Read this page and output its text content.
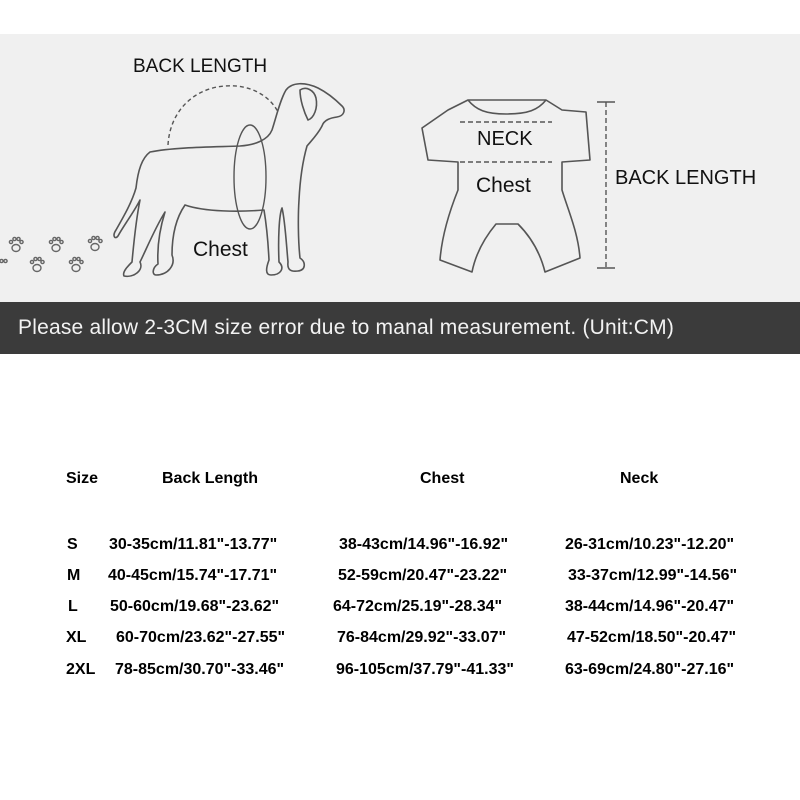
BACK LENGTH
Chest
NECK
Chest	BACK LENGTH
Please allow 2-3CM size error due to manal measurement. (Unit:CM)
Size	Back Length	Chest	Neck
S 30-35cm/11.81"-13.77"	38-43cm/14.96"-16.92"	26-31cm/10.23"-12.20"
M 40-45cm/15.74"-17.71"	52-59cm/20.47"-23.22"	33-37cm/12.99"-14.56"
L 50-60cm/19.68"-23.62"	64-72cm/25.19"-28.34"	38-44cm/14.96"-20.47"
XL 60-70cm/23.62"-27.55"	76-84cm/29.92"-33.07"	47-52cm/18.50"-20.47"
2XL 78-85cm/30.70"-33.46"	96-105cm/37.79"-41.33"	63-69cm/24.80"-27.16"
